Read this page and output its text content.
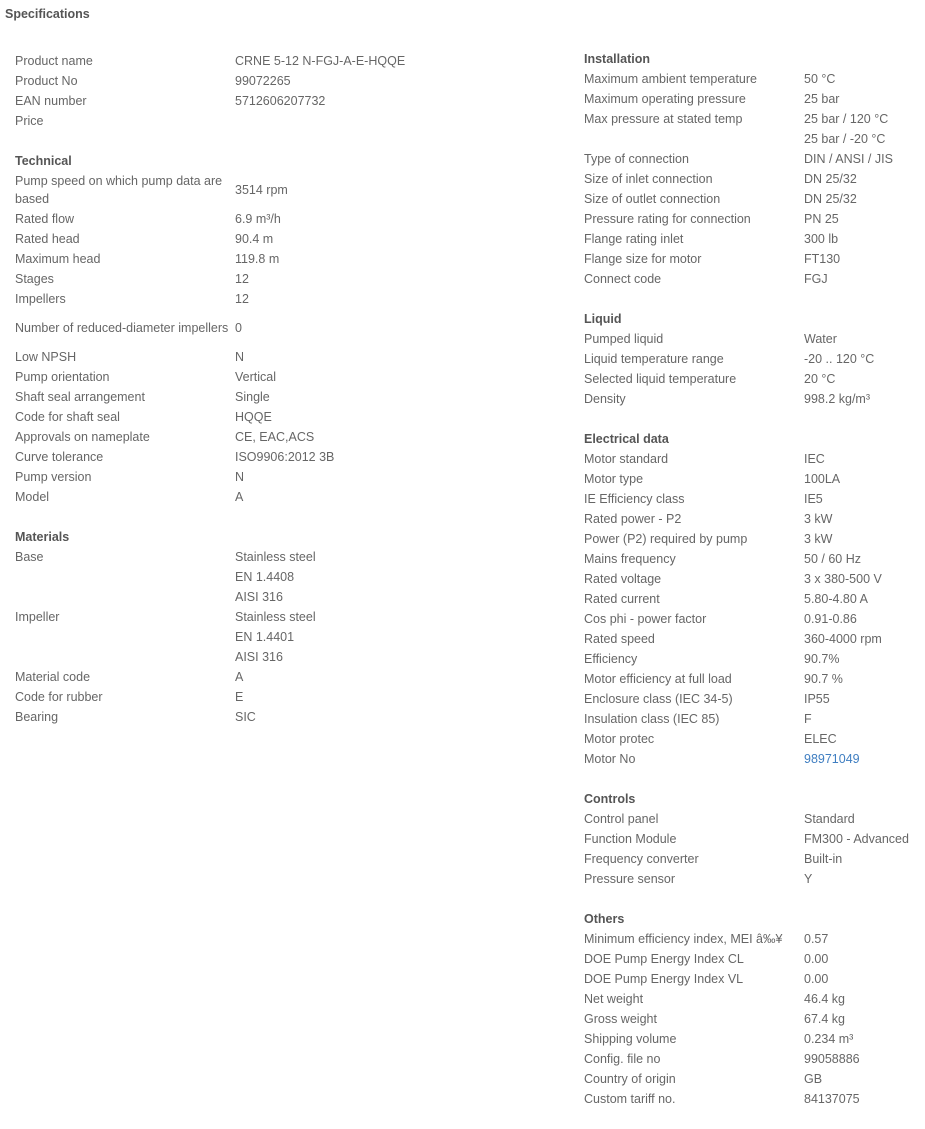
Specifications
Product name	CRNE 5-12 N-FGJ-A-E-HQQE
Product No	99072265
EAN number	5712606207732
Price
Technical
Pump speed on which pump data are based
3514 rpm
Rated flow	6.9 m³/h
Rated head	90.4 m
Maximum head	119.8 m
Stages	12
Impellers	12
Number of reduced-diameter impellers 0
Low NPSH	N
Pump orientation	Vertical
Shaft seal arrangement	Single
Code for shaft seal	HQQE
Approvals on nameplate	CE, EAC,ACS
Curve tolerance	ISO9906:2012 3B
Pump version	N
Model	A
Materials
Base	Stainless steel
EN 1.4408
AISI 316
Impeller	Stainless steel
EN 1.4401
AISI 316
Material code	A
Code for rubber	E
Bearing	SIC
Installation
Maximum ambient temperature	50 °C
Maximum operating pressure	25 bar
Max pressure at stated temp	25 bar / 120 °C
25 bar / -20 °C
Type of connection	DIN / ANSI / JIS
Size of inlet connection	DN 25/32
Size of outlet connection	DN 25/32
Pressure rating for connection	PN 25
Flange rating inlet	300 lb
Flange size for motor	FT130
Connect code	FGJ
Liquid
Pumped liquid	Water
Liquid temperature range	-20 .. 120 °C
Selected liquid temperature	20 °C
Density	998.2 kg/m³
Electrical data
Motor standard	IEC
Motor type	100LA
IE Efficiency class	IE5
Rated power - P2	3 kW
Power (P2) required by pump	3 kW
Mains frequency	50 / 60 Hz
Rated voltage	3 x 380-500 V
Rated current	5.80-4.80 A
Cos phi - power factor	0.91-0.86
Rated speed	360-4000 rpm
Efficiency	90.7%
Motor efficiency at full load	90.7 %
Enclosure class (IEC 34-5)	IP55
Insulation class (IEC 85)	F
Motor protec	ELEC
Motor No	98971049
Controls
Control panel	Standard
Function Module	FM300 - Advanced
Frequency converter	Built-in
Pressure sensor	Y
Others
Minimum efficiency index, MEI â‰¥	0.57
DOE Pump Energy Index CL	0.00
DOE Pump Energy Index VL	0.00
Net weight	46.4 kg
Gross weight	67.4 kg
Shipping volume	0.234 m³
Config. file no	99058886
Country of origin	GB
Custom tariff no.	84137075
